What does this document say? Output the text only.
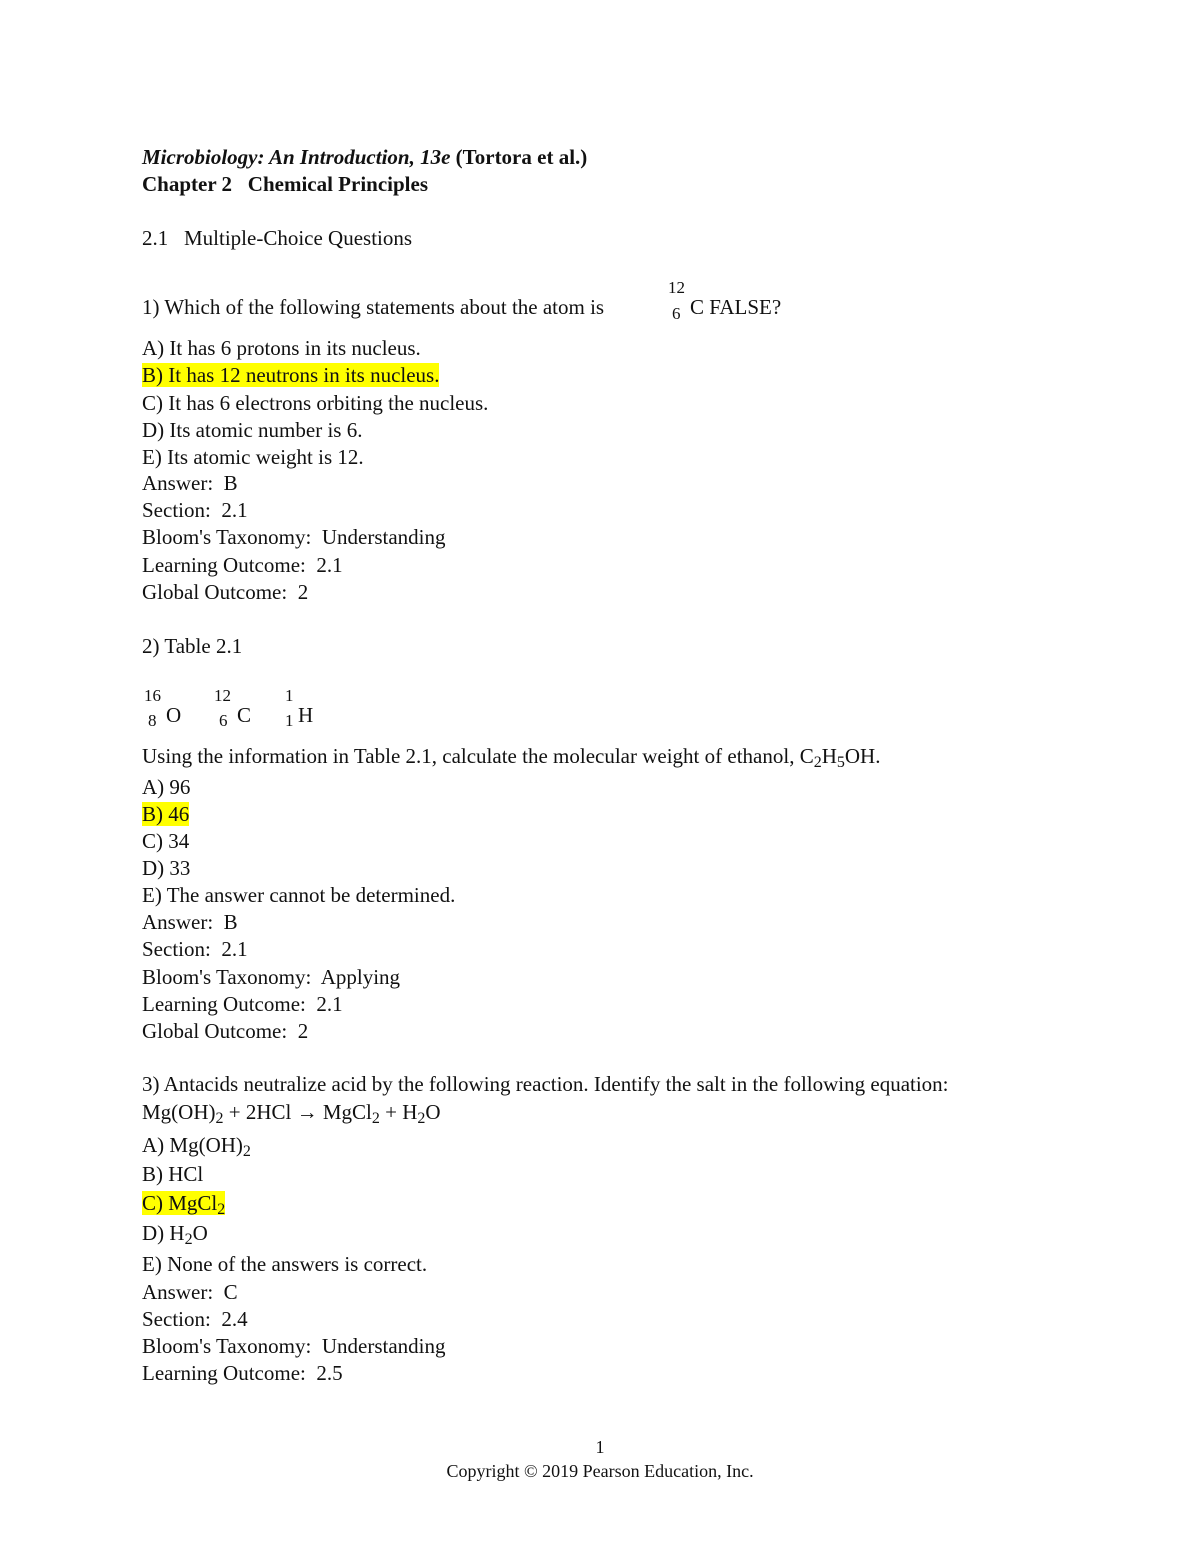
Microbiology: An Introduction, 13e (Tortora et al.)
Chapter 2   Chemical Principles
2.1   Multiple-Choice Questions
1) Which of the following statements about the atom is
12
6 C FALSE?
A) It has 6 protons in its nucleus.
B) It has 12 neutrons in its nucleus.
C) It has 6 electrons orbiting the nucleus.
D) Its atomic number is 6.
E) Its atomic weight is 12.
Answer:  B
Section:  2.1
Bloom's Taxonomy:  Understanding
Learning Outcome:  2.1
Global Outcome:  2
2) Table 2.1
16
8 O
12
6 C
1
1 H
Using the information in Table 2.1, calculate the molecular weight of ethanol, $C_2H_5OH$.
A) 96
B) 46
C) 34
D) 33
E) The answer cannot be determined.
Answer:  B
Section:  2.1
Bloom's Taxonomy:  Applying
Learning Outcome:  2.1
Global Outcome:  2
3) Antacids neutralize acid by the following reaction. Identify the salt in the following equation:
$Mg(OH)_2 + 2HCl$ → MgCl$_2$ + $H_2O$
A) $Mg(OH)_2$
B) HCl
C) MgCl$_2$
D) $H_2O$
E) None of the answers is correct.
Answer:  C
Section:  2.4
Bloom's Taxonomy:  Understanding
Learning Outcome:  2.5
1
Copyright © 2019 Pearson Education, Inc.
